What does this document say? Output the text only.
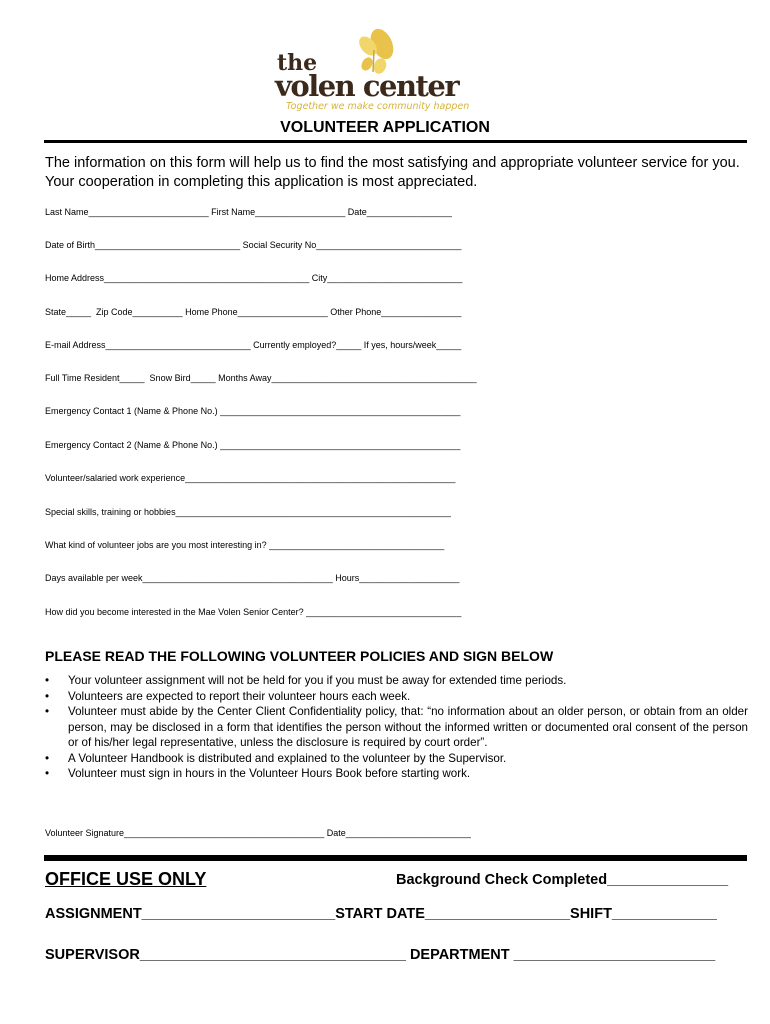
the
volen center
Together we make community happen
VOLUNTEER APPLICATION
The information on this form will help us to find the most satisfying and appropriate volunteer service for you. Your cooperation in completing this application is most appreciated.
Last Name________________________ First Name__________________ Date_________________
Date of Birth_____________________________ Social Security No_____________________________
Home Address_________________________________________ City___________________________
State_____  Zip Code__________ Home Phone__________________ Other Phone________________
E-mail Address_____________________________ Currently employed?_____ If yes, hours/week_____
Full Time Resident_____  Snow Bird_____ Months Away_________________________________________
Emergency Contact 1 (Name & Phone No.) ________________________________________________
Emergency Contact 2 (Name & Phone No.) ________________________________________________
Volunteer/salaried work experience______________________________________________________
Special skills, training or hobbies_______________________________________________________
What kind of volunteer jobs are you most interesting in? ___________________________________
Days available per week______________________________________ Hours____________________
How did you become interested in the Mae Volen Senior Center? _______________________________
PLEASE READ THE FOLLOWING VOLUNTEER POLICIES AND SIGN BELOW
• Your volunteer assignment will not be held for you if you must be away for extended time periods.
• Volunteers are expected to report their volunteer hours each week.
• Volunteer must abide by the Center Client Confidentiality policy, that: “no information about an older person, or obtain from an older person, may be disclosed in a form that identifies the person without the informed written or documented oral consent of the person or of his/her legal representative, unless the disclosure is required by court order”.
• A Volunteer Handbook is distributed and explained to the volunteer by the Supervisor.
• Volunteer must sign in hours in the Volunteer Hours Book before starting work.
Volunteer Signature________________________________________ Date_________________________
OFFICE USE ONLY	Background Check Completed_______________
ASSIGNMENT________________________START DATE__________________SHIFT_____________
SUPERVISOR_________________________________ DEPARTMENT _________________________
